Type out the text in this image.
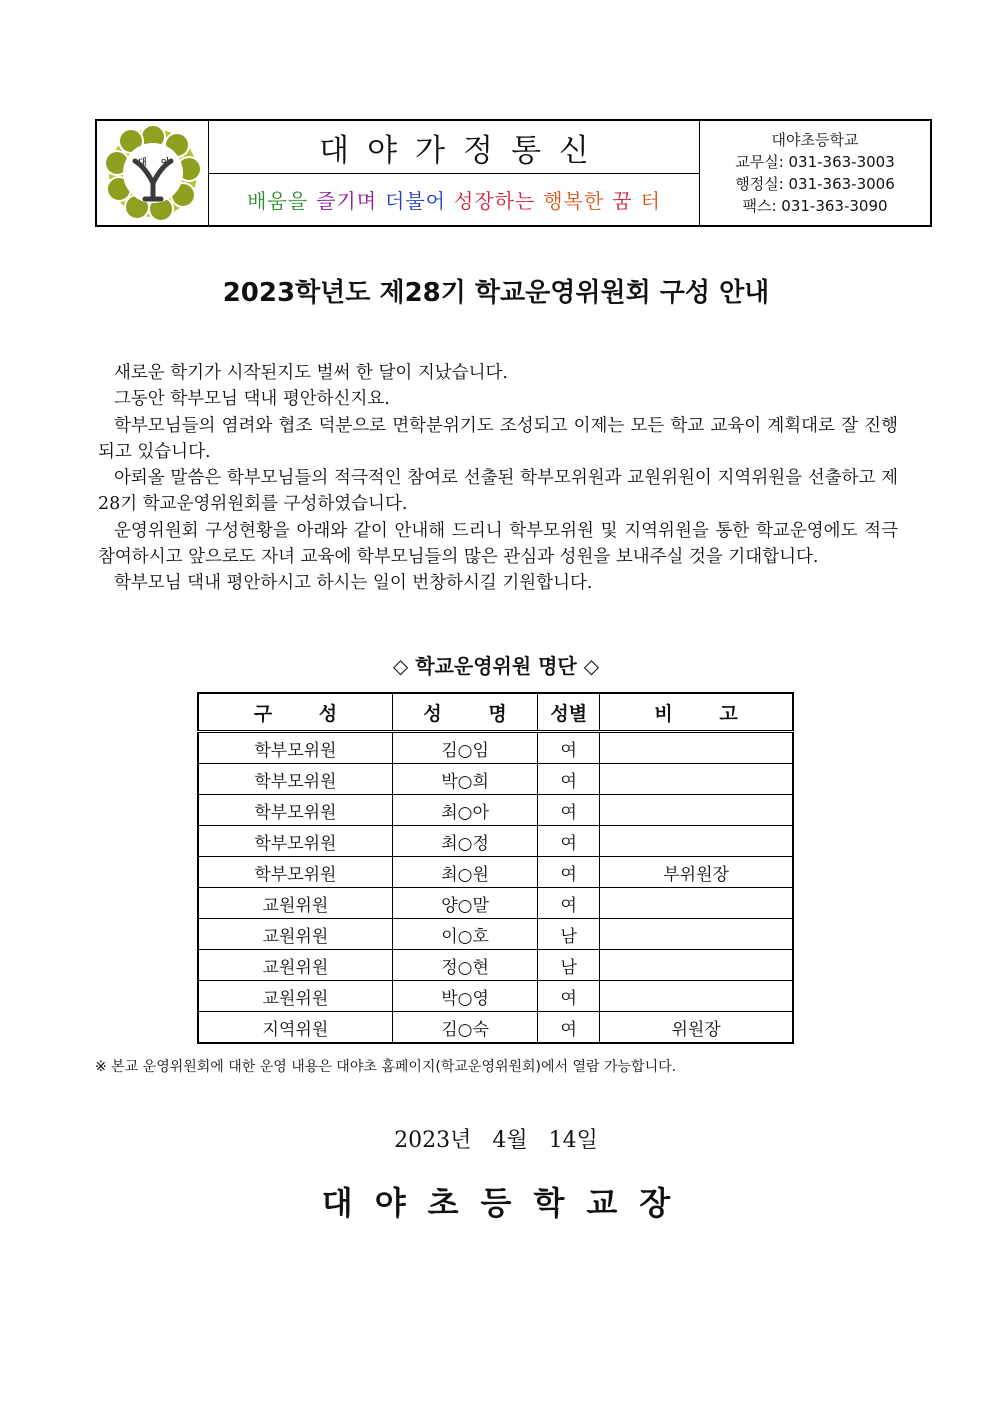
대 야	대야가정통신
배움을 즐기며 더불어 성장하는 행복한 꿈 터
대야초등학교
교무실: 031-363-3003
행정실: 031-363-3006
팩스: 031-363-3090
2023학년도 제28기 학교운영위원회 구성 안내

새로운 학기가 시작된지도 벌써 한 달이 지났습니다.

그동안 학부모님 댁내 평안하신지요.

학부모님들의 염려와 협조 덕분으로 면학분위기도 조성되고 이제는 모든 학교 교육이 계획대로 잘 진행되고 있습니다.

아뢰올 말씀은 학부모님들의 적극적인 참여로 선출된 학부모위원과 교원위원이 지역위원을 선출하고 제28기 학교운영위원회를 구성하였습니다.

운영위원회 구성현황을 아래와 같이 안내해 드리니 학부모위원 및 지역위원을 통한 학교운영에도 적극 참여하시고 앞으로도 자녀 교육에 학부모님들의 많은 관심과 성원을 보내주실 것을 기대합니다.

학부모님 댁내 평안하시고 하시는 일이 번창하시길 기원합니다.

◇ 학교운영위원 명단 ◇
구 성	성 명	성별	비 고
학부모위원	김○임	여	
학부모위원	박○희	여	
학부모위원	최○아	여	
학부모위원	최○정	여	
학부모위원	최○원	여	부위원장
교원위원	양○말	여	
교원위원	이○호	남	
교원위원	정○현	남	
교원위원	박○영	여	
지역위원	김○숙	여	위원장
※ 본교 운영위원회에 대한 운영 내용은 대야초 홈페이지(학교운영위원회)에서 열람 가능합니다.
2023년 4월 14일
대야초등학교장
